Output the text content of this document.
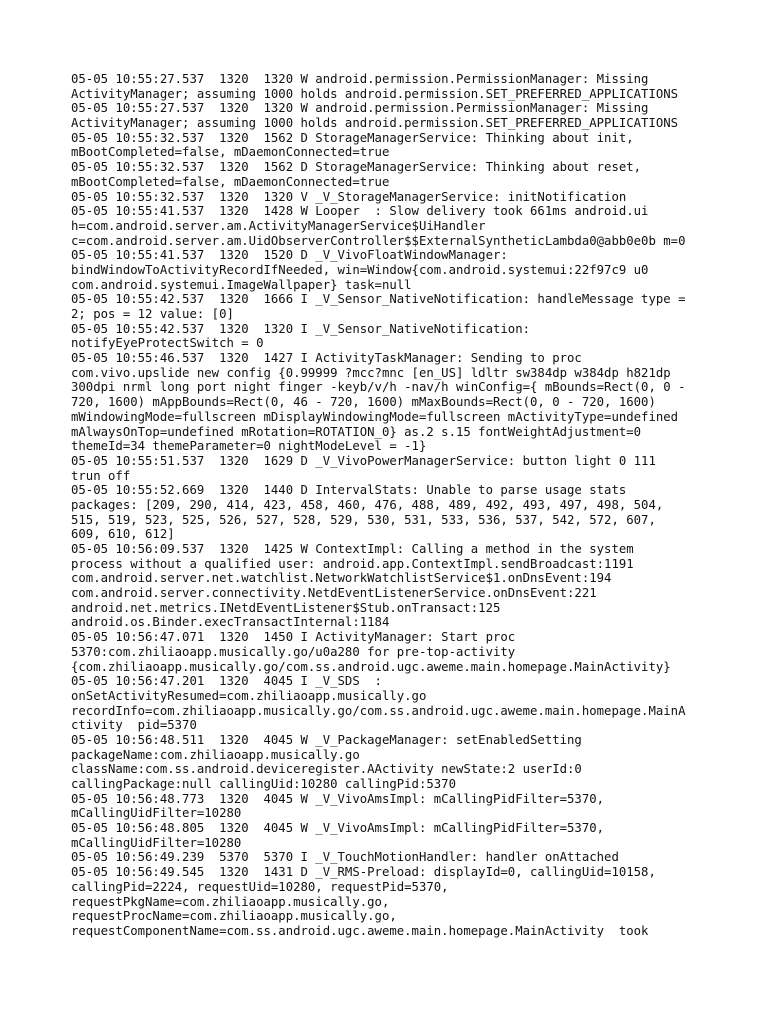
05-05 10:55:27.537  1320  1320 W android.permission.PermissionManager: Missing
ActivityManager; assuming 1000 holds android.permission.SET_PREFERRED_APPLICATIONS
05-05 10:55:27.537  1320  1320 W android.permission.PermissionManager: Missing
ActivityManager; assuming 1000 holds android.permission.SET_PREFERRED_APPLICATIONS
05-05 10:55:32.537  1320  1562 D StorageManagerService: Thinking about init,
mBootCompleted=false, mDaemonConnected=true
05-05 10:55:32.537  1320  1562 D StorageManagerService: Thinking about reset,
mBootCompleted=false, mDaemonConnected=true
05-05 10:55:32.537  1320  1320 V _V_StorageManagerService: initNotification
05-05 10:55:41.537  1320  1428 W Looper  : Slow delivery took 661ms android.ui
h=com.android.server.am.ActivityManagerService$UiHandler
c=com.android.server.am.UidObserverController$$ExternalSyntheticLambda0@abb0e0b m=0
05-05 10:55:41.537  1320  1520 D _V_VivoFloatWindowManager:
bindWindowToActivityRecordIfNeeded, win=Window{com.android.systemui:22f97c9 u0
com.android.systemui.ImageWallpaper} task=null
05-05 10:55:42.537  1320  1666 I _V_Sensor_NativeNotification: handleMessage type =
2; pos = 12 value: [0]
05-05 10:55:42.537  1320  1320 I _V_Sensor_NativeNotification:
notifyEyeProtectSwitch = 0
05-05 10:55:46.537  1320  1427 I ActivityTaskManager: Sending to proc
com.vivo.upslide new config {0.99999 ?mcc?mnc [en_US] ldltr sw384dp w384dp h821dp
300dpi nrml long port night finger -keyb/v/h -nav/h winConfig={ mBounds=Rect(0, 0 -
720, 1600) mAppBounds=Rect(0, 46 - 720, 1600) mMaxBounds=Rect(0, 0 - 720, 1600)
mWindowingMode=fullscreen mDisplayWindowingMode=fullscreen mActivityType=undefined
mAlwaysOnTop=undefined mRotation=ROTATION_0} as.2 s.15 fontWeightAdjustment=0
themeId=34 themeParameter=0 nightModeLevel = -1}
05-05 10:55:51.537  1320  1629 D _V_VivoPowerManagerService: button light 0 111
trun off
05-05 10:55:52.669  1320  1440 D IntervalStats: Unable to parse usage stats
packages: [209, 290, 414, 423, 458, 460, 476, 488, 489, 492, 493, 497, 498, 504,
515, 519, 523, 525, 526, 527, 528, 529, 530, 531, 533, 536, 537, 542, 572, 607,
609, 610, 612]
05-05 10:56:09.537  1320  1425 W ContextImpl: Calling a method in the system
process without a qualified user: android.app.ContextImpl.sendBroadcast:1191
com.android.server.net.watchlist.NetworkWatchlistService$1.onDnsEvent:194
com.android.server.connectivity.NetdEventListenerService.onDnsEvent:221
android.net.metrics.INetdEventListener$Stub.onTransact:125
android.os.Binder.execTransactInternal:1184
05-05 10:56:47.071  1320  1450 I ActivityManager: Start proc
5370:com.zhiliaoapp.musically.go/u0a280 for pre-top-activity
{com.zhiliaoapp.musically.go/com.ss.android.ugc.aweme.main.homepage.MainActivity}
05-05 10:56:47.201  1320  4045 I _V_SDS  :
onSetActivityResumed=com.zhiliaoapp.musically.go
recordInfo=com.zhiliaoapp.musically.go/com.ss.android.ugc.aweme.main.homepage.MainA
ctivity  pid=5370
05-05 10:56:48.511  1320  4045 W _V_PackageManager: setEnabledSetting
packageName:com.zhiliaoapp.musically.go
className:com.ss.android.deviceregister.AActivity newState:2 userId:0
callingPackage:null callingUid:10280 callingPid:5370
05-05 10:56:48.773  1320  4045 W _V_VivoAmsImpl: mCallingPidFilter=5370,
mCallingUidFilter=10280
05-05 10:56:48.805  1320  4045 W _V_VivoAmsImpl: mCallingPidFilter=5370,
mCallingUidFilter=10280
05-05 10:56:49.239  5370  5370 I _V_TouchMotionHandler: handler onAttached
05-05 10:56:49.545  1320  1431 D _V_RMS-Preload: displayId=0, callingUid=10158,
callingPid=2224, requestUid=10280, requestPid=5370,
requestPkgName=com.zhiliaoapp.musically.go,
requestProcName=com.zhiliaoapp.musically.go,
requestComponentName=com.ss.android.ugc.aweme.main.homepage.MainActivity  took
